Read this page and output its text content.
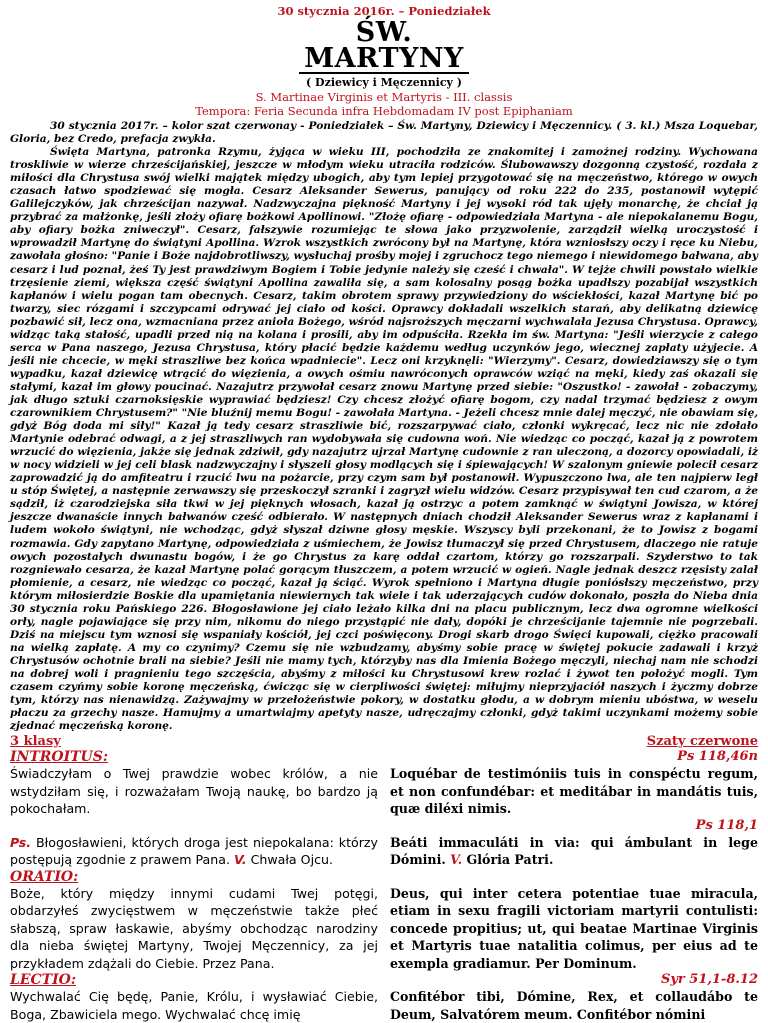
30 stycznia 2016r. – Poniedziałek
ŚW. MARTYNY
( Dziewicy i Męczennicy )
S. Martinae Virginis et Martyris - III. classis
Tempora: Feria Secunda infra Hebdomadam IV post Epiphaniam

30 stycznia 2017r. – kolor szat czerwonay - Poniedziałek – Św. Martyny, Dziewicy i Męczennicy. ( 3. kl.) Msza Loquebar, Gloria, bez Credo, prefacja zwykła.

Święta Martyna, patronka Rzymu, żyjąca w wieku III, pochodziła ze znakomitej i zamożnej rodziny. Wychowana troskliwie w wierze chrześcijańskiej, jeszcze w młodym wieku utraciła rodziców. Ślubowawszy dozgonną czystość, rozdała z miłości dla Chrystusa swój wielki majątek między ubogich, aby tym lepiej przygotować się na męczeństwo, którego w owych czasach łatwo spodziewać się mogła. Cesarz Aleksander Sewerus, panujący od roku 222 do 235, postanowił wytępić Galilejczyków, jak chrześcijan nazywał. Nadzwyczajna piękność Martyny i jej wysoki ród tak ujęły monarchę, że chciał ją przybrać za małżonkę, jeśli złoży ofiarę bożkowi Apollinowi. "Złożę ofiarę - odpowiedziała Martyna - ale niepokalanemu Bogu, aby ofiary bożka zniweczył". Cesarz, fałszywie rozumiejąc te słowa jako przyzwolenie, zarządził wielką uroczystość i wprowadził Martynę do świątyni Apollina. Wzrok wszystkich zwrócony był na Martynę, która wzniosłszy oczy i ręce ku Niebu, zawołała głośno: "Panie i Boże najdobrotliwszy, wysłuchaj prośby mojej i zgruchocz tego niemego i niewidomego bałwana, aby cesarz i lud poznał, żeś Ty jest prawdziwym Bogiem i Tobie jedynie należy się cześć i chwała". W tejże chwili powstało wielkie trzęsienie ziemi, większa część świątyni Apollina zawaliła się, a sam kolosalny posąg bożka upadłszy pozabijał wszystkich kapłanów i wielu pogan tam obecnych. Cesarz, takim obrotem sprawy przywiedziony do wściekłości, kazał Martynę bić po twarzy, siec rózgami i szczypcami odrywać jej ciało od kości. Oprawcy dokładali wszelkich starań, aby delikatną dziewicę pozbawić sił, lecz ona, wzmacniana przez anioła Bożego, wśród najsroższych męczarni wychwalała Jezusa Chrystusa. Oprawcy, widząc taką stałość, upadli przed nią na kolana i prosili, aby im odpuściła. Rzekła im św. Martyna: "Jeśli wierzycie z całego serca w Pana naszego, Jezusa Chrystusa, który płacić będzie każdemu według uczynków jego, wiecznej zapłaty użyjecie. A jeśli nie chcecie, w męki straszliwe bez końca wpadniecie". Lecz oni krzyknęli: "Wierzymy". Cesarz, dowiedziawszy się o tym wypadku, kazał dziewicę wtrącić do więzienia, a owych ośmiu nawróconych oprawców wziąć na męki, kiedy zaś okazali się stałymi, kazał im głowy poucinać. Nazajutrz przywołał cesarz znowu Martynę przed siebie: "Oszustko! - zawołał - zobaczymy, jak długo sztuki czarnoksięskie wyprawiać będziesz! Czy chcesz złożyć ofiarę bogom, czy nadal trzymać będziesz z owym czarownikiem Chrystusem?" "Nie bluźnij memu Bogu! - zawołała Martyna. - Jeżeli chcesz mnie dalej męczyć, nie obawiam się, gdyż Bóg doda mi siły!" Kazał ją tedy cesarz straszliwie bić, rozszarpywać ciało, członki wykręcać, lecz nic nie zdołało Martynie odebrać odwagi, a z jej straszliwych ran wydobywała się cudowna woń. Nie wiedząc co począć, kazał ją z powrotem wrzucić do więzienia, jakże się jednak zdziwił, gdy nazajutrz ujrzał Martynę cudownie z ran uleczoną, a dozorcy opowiadali, iż w nocy widzieli w jej celi blask nadzwyczajny i słyszeli głosy modlących się i śpiewających! W szalonym gniewie polecił cesarz zaprowadzić ją do amfiteatru i rzucić lwu na pożarcie, przy czym sam był postanowił. Wypuszczono lwa, ale ten najpierw legł u stóp Świętej, a następnie zerwawszy się przeskoczył szranki i zagryzł wielu widzów. Cesarz przypisywał ten cud czarom, a że sądził, iż czarodziejska siła tkwi w jej pięknych włosach, kazał ją ostrzyc a potem zamknąć w świątyni Jowisza, w której jeszcze dwanaście innych bałwanów cześć odbierało. W następnych dniach chodził Aleksander Sewerus wraz z kapłanami i ludem wokoło świątyni, nie wchodząc, gdyż słyszał dziwne głosy męskie. Wszyscy byli przekonani, że to Jowisz z bogami rozmawia. Gdy zapytano Martynę, odpowiedziała z uśmiechem, że Jowisz tłumaczył się przed Chrystusem, dlaczego nie ratuje owych pozostałych dwunastu bogów, i że go Chrystus za karę oddał czartom, którzy go rozszarpali. Szyderstwo to tak rozgniewało cesarza, że kazał Martynę polać gorącym tłuszczem, a potem wrzucić w ogień. Nagle jednak deszcz rzęsisty zalał płomienie, a cesarz, nie wiedząc co począć, kazał ją ściąć. Wyrok spełniono i Martyna długie poniósłszy męczeństwo, przy którym miłosierdzie Boskie dla upamiętania niewiernych tak wiele i tak uderzających cudów dokonało, poszła do Nieba dnia 30 stycznia roku Pańskiego 226. Błogosławione jej ciało leżało kilka dni na placu publicznym, lecz dwa ogromne wielkości orły, nagle pojawiające się przy nim, nikomu do niego przystąpić nie dały, dopóki je chrześcijanie tajemnie nie pogrzebali. Dziś na miejscu tym wznosi się wspaniały kościół, jej czci poświęcony. Drogi skarb drogo Święci kupowali, ciężko pracowali na wielką zapłatę. A my co czynimy? Czemu się nie wzbudzamy, abyśmy sobie pracę w świętej pokucie zadawali i krzyż Chrystusów ochotnie brali na siebie? Jeśli nie mamy tych, którzyby nas dla Imienia Bożego męczyli, niechaj nam nie schodzi na dobrej woli i pragnieniu tego szczęścia, abyśmy z miłości ku Chrystusowi krew rozlać i żywot ten położyć mogli. Tym czasem czyńmy sobie koronę męczeńską, ćwicząc się w cierpliwości świętej: miłujmy nieprzyjaciół naszych i życzmy dobrze tym, którzy nas nienawidzą. Zażywajmy w przełożeństwie pokory, w dostatku głodu, a w dobrym mieniu ubóstwa, w weselu płaczu za grzechy nasze. Hamujmy a umartwiajmy apetyty nasze, udręczajmy członki, gdyż takimi uczynkami możemy sobie zjednać męczeńską koronę.

3 klasy	Szaty czerwone
INTROITUS:	Ps 118,46n

Świadczyłam o Twej prawdzie wobec królów, a nie wstydziłam się, i rozważałam Twoją naukę, bo bardzo ją pokochałam.

Loquébar de testimóniis tuis in conspéctu regum, et non confundébar: et meditábar in mandátis tuis, quæ diléxi nimis.

Ps 118,1

Ps. Błogosławieni, których droga jest niepokalana: którzy postępują zgodnie z prawem Pana. V. Chwała Ojcu.

Beáti immaculáti in via: qui ámbulant in lege Dómini. V. Glória Patri.

ORATIO:

Boże, który między innymi cudami Twej potęgi, obdarzyłeś zwycięstwem w męczeństwie także płeć słabszą, spraw łaskawie, abyśmy obchodząc narodziny dla nieba świętej Martyny, Twojej Męczennicy, za jej przykładem zdążali do Ciebie. Przez Pana.

Deus, qui inter cetera potentiae tuae miracula, etiam in sexu fragili victoriam martyrii contulisti: concede propitius; ut, qui beatae Martinae Virginis et Martyris tuae natalitia colimus, per eius ad te exempla gradiamur. Per Dominum.

LECTIO:	Syr 51,1-8.12

Wychwalać Cię będę, Panie, Królu, i wysławiać Ciebie, Boga, Zbawiciela mego. Wychwalać chcę imię

Confitébor tibi, Dómine, Rex, et collaudábo te Deum, Salvatórem meum. Confitébor nómini
